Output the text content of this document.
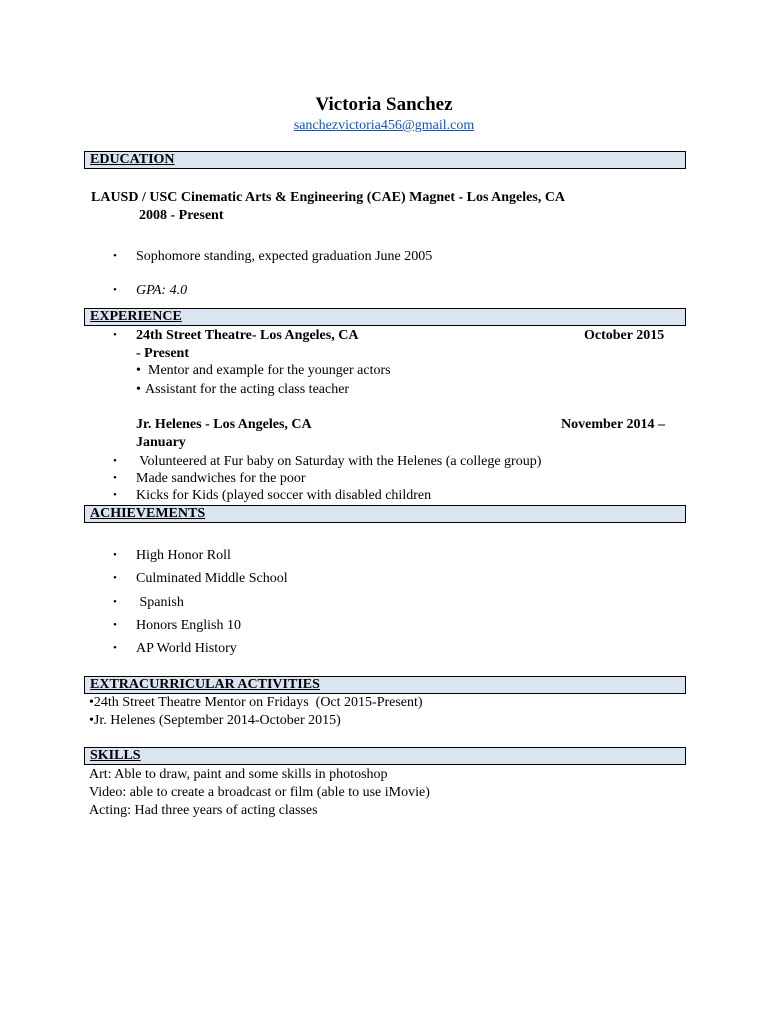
Victoria Sanchez
sanchezvictoria456@gmail.com
EDUCATION
LAUSD / USC Cinematic Arts & Engineering (CAE) Magnet - Los Angeles, CA
2008 - Present
• Sophomore standing, expected graduation June 2005
• GPA: 4.0
EXPERIENCE
• 24th Street Theatre- Los Angeles, CA	October 2015
- Present
• Mentor and example for the younger actors
• Assistant for the acting class teacher
Jr. Helenes - Los Angeles, CA	November 2014 –
January
• Volunteered at Fur baby on Saturday with the Helenes (a college group)
• Made sandwiches for the poor
• Kicks for Kids (played soccer with disabled children
ACHIEVEMENTS
• High Honor Roll
• Culminated Middle School
• Spanish
• Honors English 10
• AP World History
EXTRACURRICULAR ACTIVITIES
•24th Street Theatre Mentor on Fridays  (Oct 2015-Present)
•Jr. Helenes (September 2014-October 2015)
SKILLS
Art: Able to draw, paint and some skills in photoshop
Video: able to create a broadcast or film (able to use iMovie)
Acting: Had three years of acting classes
